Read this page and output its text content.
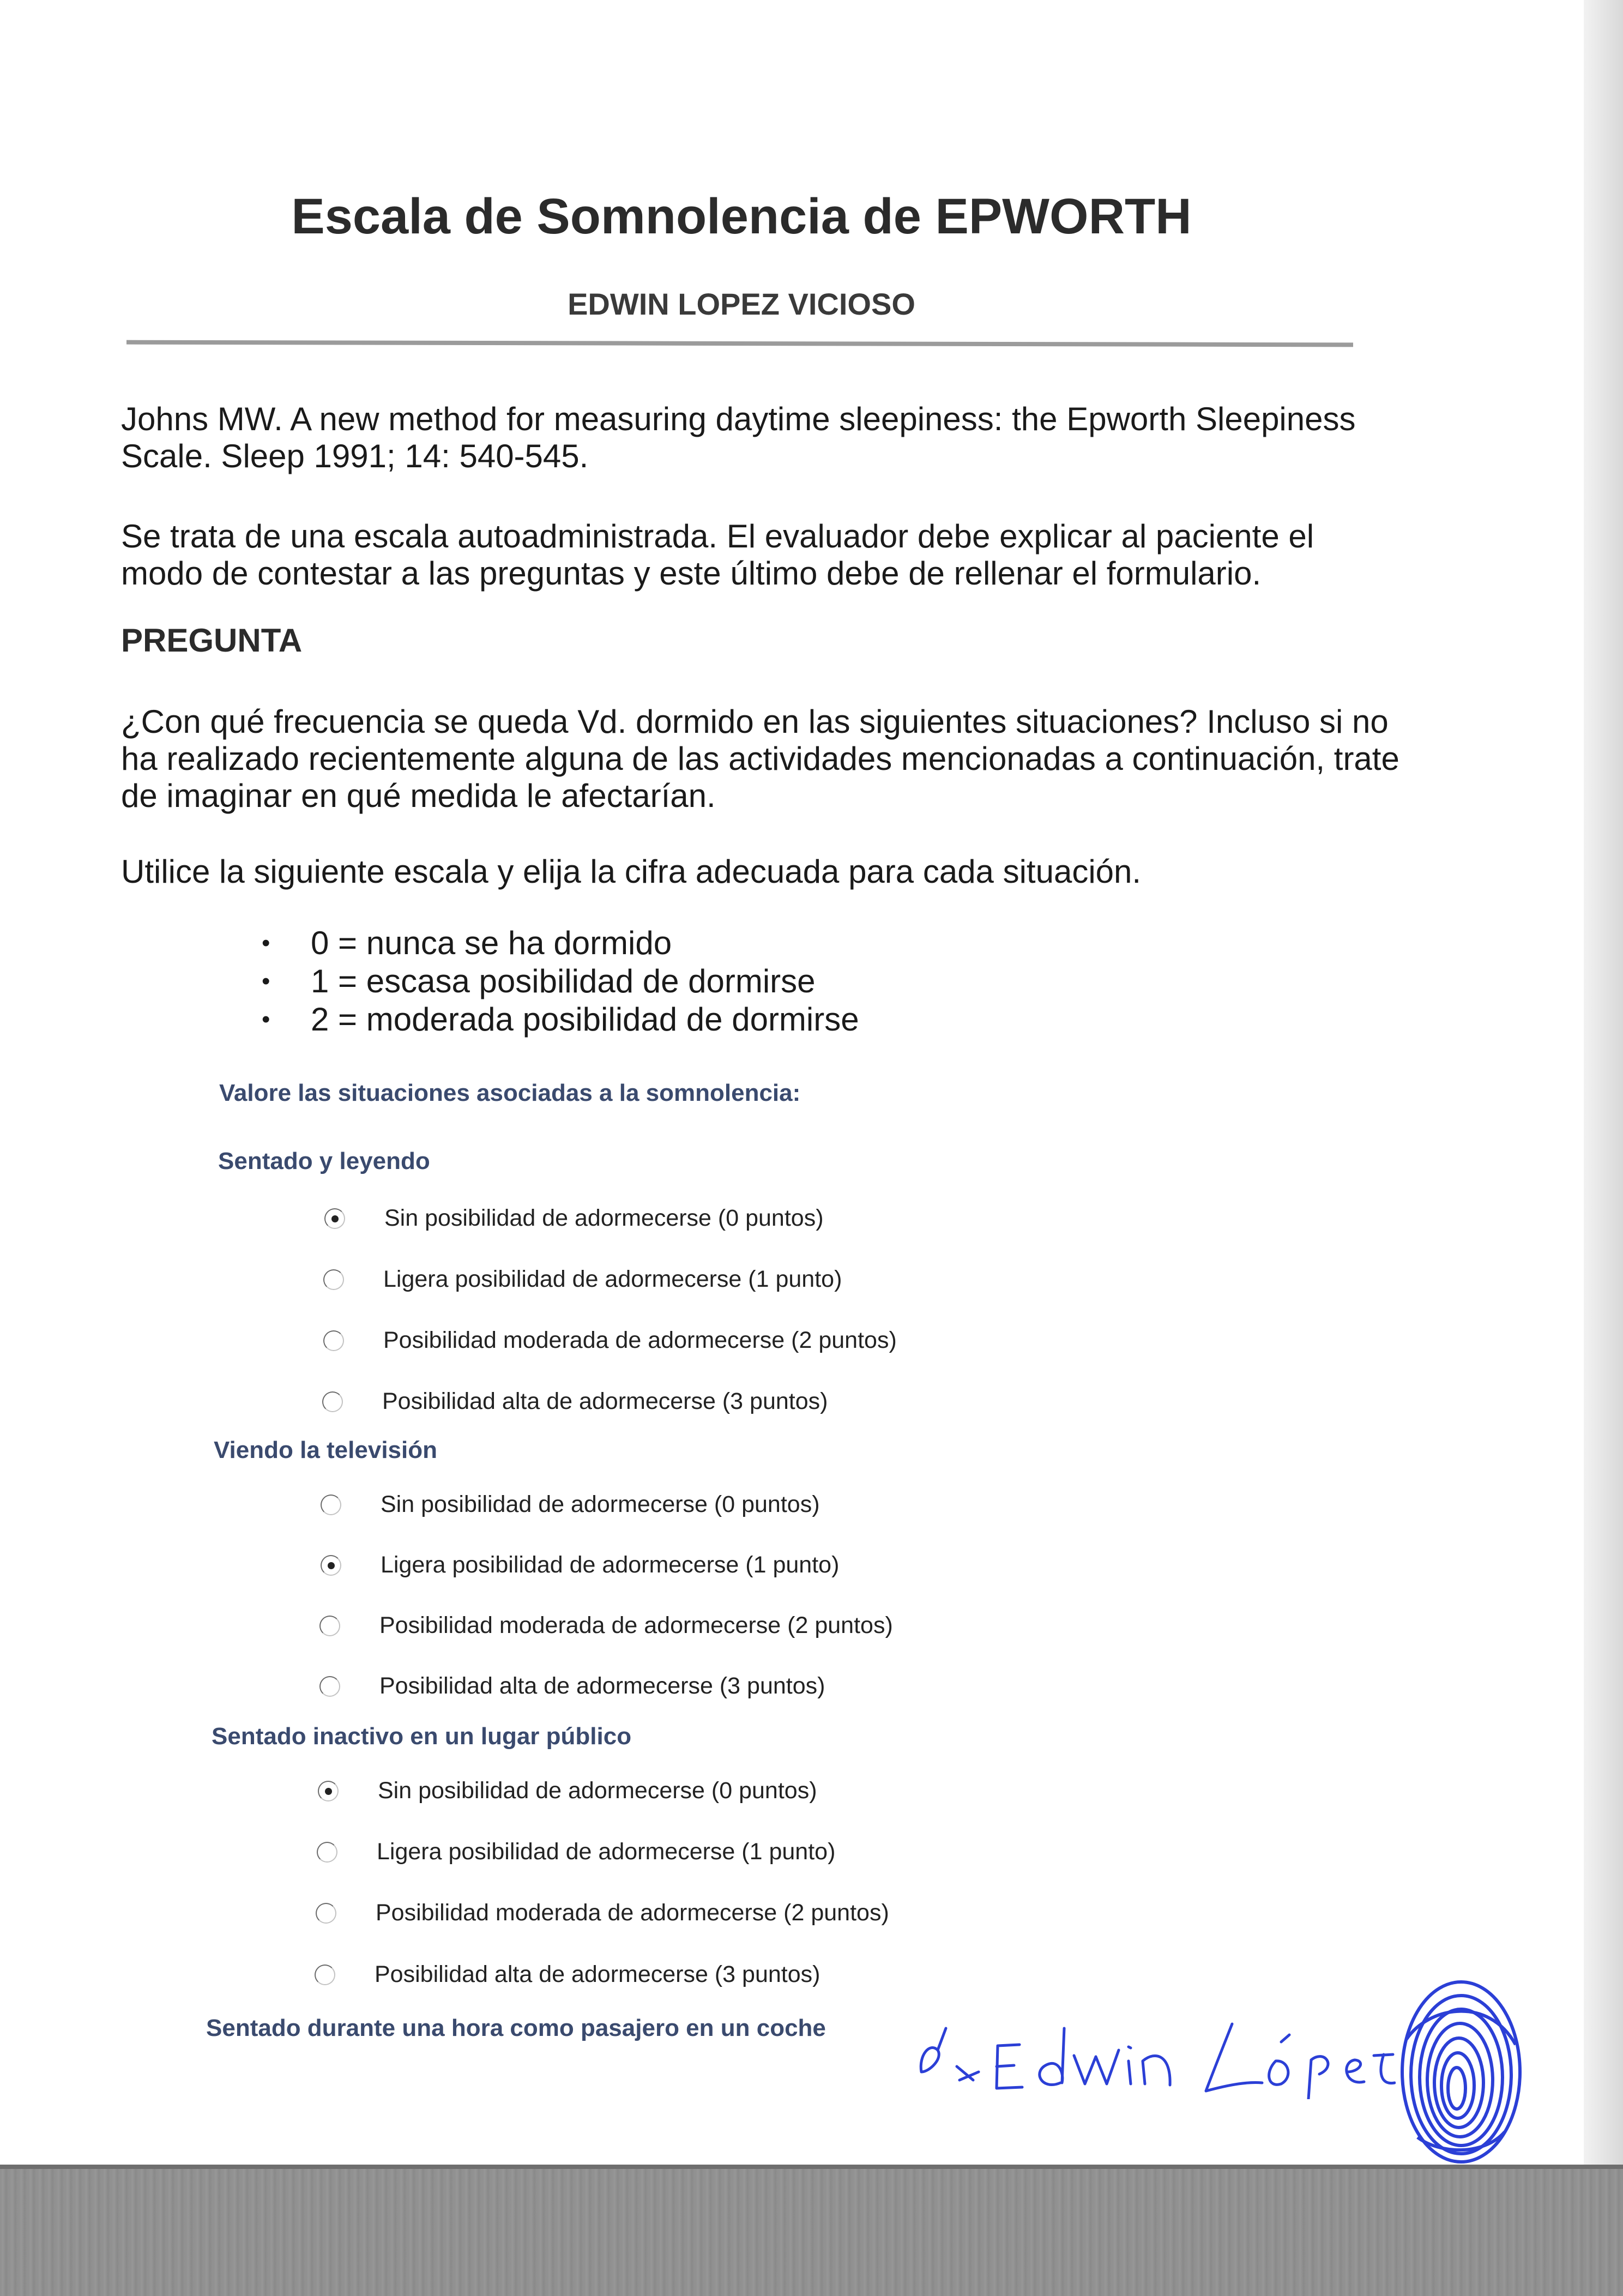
Escala de Somnolencia de EPWORTH
EDWIN LOPEZ VICIOSO
Johns MW. A new method for measuring daytime sleepiness: the Epworth Sleepiness Scale. Sleep 1991; 14: 540-545.
Se trata de una escala autoadministrada. El evaluador debe explicar al paciente el modo de contestar a las preguntas y este último debe de rellenar el formulario.
PREGUNTA
¿Con qué frecuencia se queda Vd. dormido en las siguientes situaciones? Incluso si no ha realizado recientemente alguna de las actividades mencionadas a continuación, trate de imaginar en qué medida le afectarían.
Utilice la siguiente escala y elija la cifra adecuada para cada situación.
• 0 = nunca se ha dormido
• 1 = escasa posibilidad de dormirse
• 2 = moderada posibilidad de dormirse
Valore las situaciones asociadas a la somnolencia:
Sentado y leyendo
Sin posibilidad de adormecerse (0 puntos)
Ligera posibilidad de adormecerse (1 punto)
Posibilidad moderada de adormecerse (2 puntos)
Posibilidad alta de adormecerse (3 puntos)
Viendo la televisión
Sin posibilidad de adormecerse (0 puntos)
Ligera posibilidad de adormecerse (1 punto)
Posibilidad moderada de adormecerse (2 puntos)
Posibilidad alta de adormecerse (3 puntos)
Sentado inactivo en un lugar público
Sin posibilidad de adormecerse (0 puntos)
Ligera posibilidad de adormecerse (1 punto)
Posibilidad moderada de adormecerse (2 puntos)
Posibilidad alta de adormecerse (3 puntos)
Sentado durante una hora como pasajero en un coche
